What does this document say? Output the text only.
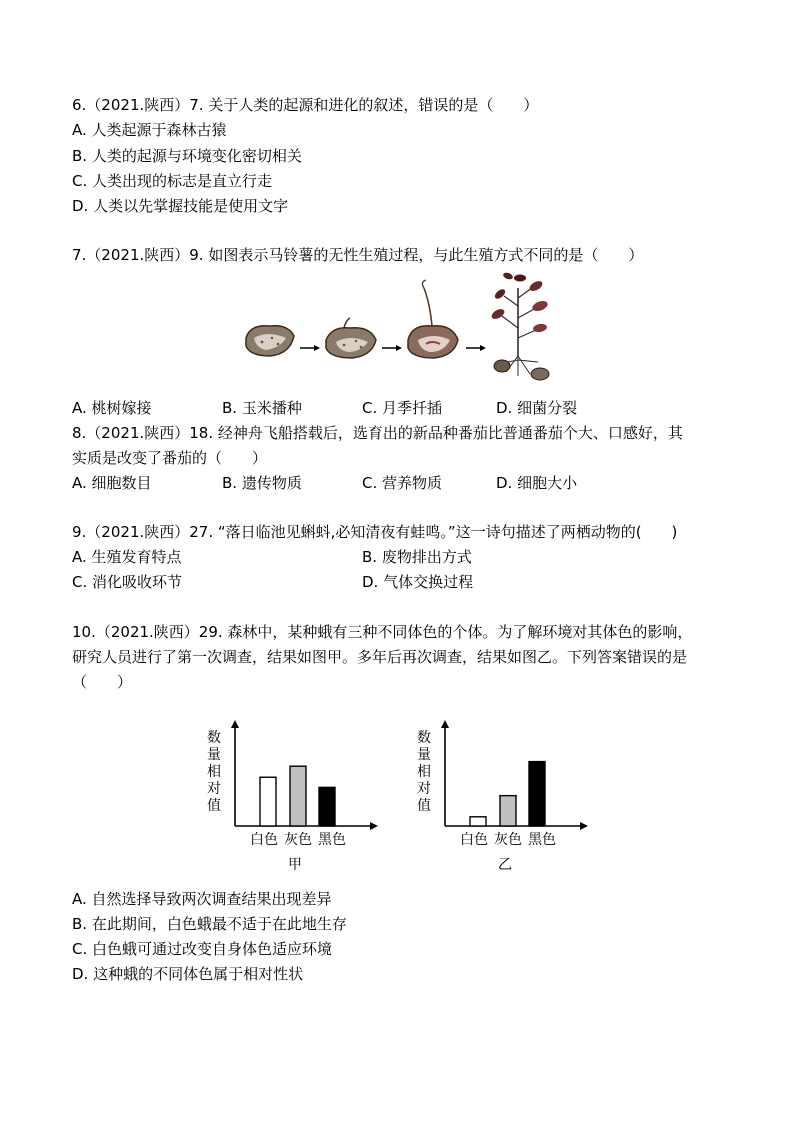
6.（2021.陕西）7. 关于人类的起源和进化的叙述，错误的是（　　）
A. 人类起源于森林古猿
B. 人类的起源与环境变化密切相关
C. 人类出现的标志是直立行走
D. 人类以先掌握技能是使用文字
7.（2021.陕西）9. 如图表示马铃薯的无性生殖过程，与此生殖方式不同的是（　　）
A. 桃树嫁接	B. 玉米播种	C. 月季扦插	D. 细菌分裂
8.（2021.陕西）18. 经神舟飞船搭载后，选育出的新品种番茄比普通番茄个大、口感好，其
实质是改变了番茄的（　　）
A. 细胞数目	B. 遗传物质	C. 营养物质	D. 细胞大小
9.（2021.陕西）27. “落日临池见蝌蚪,必知清夜有蛙鸣。”这一诗句描述了两栖动物的(　　)
A. 生殖发育特点	B. 废物排出方式
C. 消化吸收环节	D. 气体交换过程
10.（2021.陕西）29. 森林中，某种蛾有三种不同体色的个体。为了解环境对其体色的影响，
研究人员进行了第一次调查，结果如图甲。多年后再次调查，结果如图乙。下列答案错误的是
（　　）
数
量
相
对
值
白色 灰色 黑色
甲
数
量
相
对
值
白色 灰色 黑色
乙
A. 自然选择导致两次调查结果出现差异
B. 在此期间，白色蛾最不适于在此地生存
C. 白色蛾可通过改变自身体色适应环境
D. 这种蛾的不同体色属于相对性状
